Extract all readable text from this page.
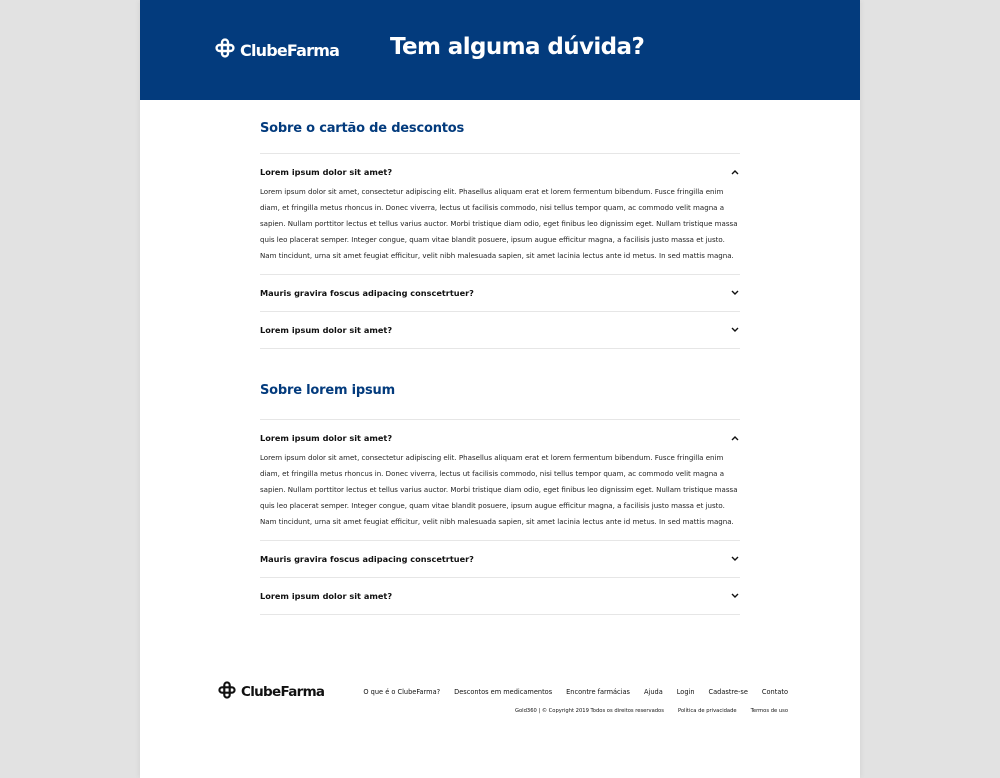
ClubeFarma Tem alguma dúvida?
Sobre o cartão de descontos
Lorem ipsum dolor sit amet?
Lorem ipsum dolor sit amet, consectetur adipiscing elit. Phasellus aliquam erat et lorem fermentum bibendum. Fusce fringilla enim diam, et fringilla metus rhoncus in. Donec viverra, lectus ut facilisis commodo, nisi tellus tempor quam, ac commodo velit magna a sapien. Nullam porttitor lectus et tellus varius auctor. Morbi tristique diam odio, eget finibus leo dignissim eget. Nullam tristique massa quis leo placerat semper. Integer congue, quam vitae blandit posuere, ipsum augue efficitur magna, a facilisis justo massa et justo. Nam tincidunt, urna sit amet feugiat efficitur, velit nibh malesuada sapien, sit amet lacinia lectus ante id metus. In sed mattis magna.
Mauris gravira foscus adipacing conscetrtuer?
Lorem ipsum dolor sit amet?
Sobre lorem ipsum
Lorem ipsum dolor sit amet?
Lorem ipsum dolor sit amet, consectetur adipiscing elit. Phasellus aliquam erat et lorem fermentum bibendum. Fusce fringilla enim diam, et fringilla metus rhoncus in. Donec viverra, lectus ut facilisis commodo, nisi tellus tempor quam, ac commodo velit magna a sapien. Nullam porttitor lectus et tellus varius auctor. Morbi tristique diam odio, eget finibus leo dignissim eget. Nullam tristique massa quis leo placerat semper. Integer congue, quam vitae blandit posuere, ipsum augue efficitur magna, a facilisis justo massa et justo. Nam tincidunt, urna sit amet feugiat efficitur, velit nibh malesuada sapien, sit amet lacinia lectus ante id metus. In sed mattis magna.
Mauris gravira foscus adipacing conscetrtuer?
Lorem ipsum dolor sit amet?
ClubeFarma	O que é o ClubeFarma? Descontos em medicamentos Encontre farmácias Ajuda Login Cadastre-se Contato
Gold360 | © Copyright 2019 Todos os direitos reservados	Política de privacidade	Termos de uso
